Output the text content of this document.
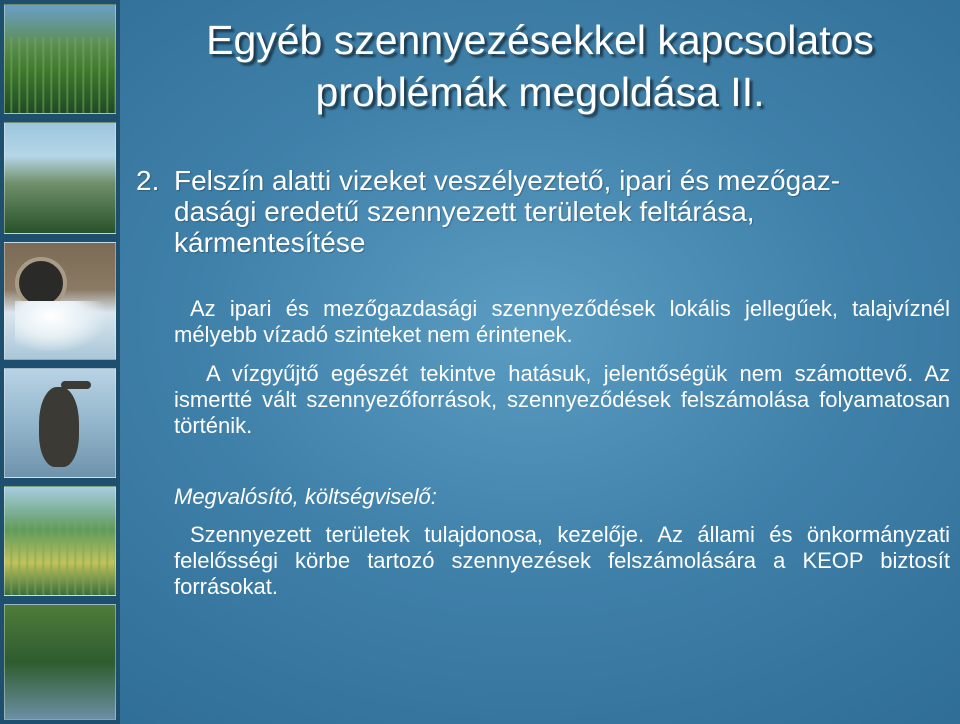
Egyéb szennyezésekkel kapcsolatos
problémák megoldása II.
2. Felszín alatti vizeket veszélyeztető, ipari és mezőgaz-
dasági eredetű szennyezett területek feltárása,
kármentesítése

Az ipari és mezőgazdasági szennyeződések lokális jellegűek, talajvíznél mélyebb vízadó szinteket nem érintenek.

A vízgyűjtő egészét tekintve hatásuk, jelentőségük nem számottevő. Az ismertté vált szennyezőforrások, szennyeződések felszámolása folyamatosan történik.

Megvalósító, költségviselő:

Szennyezett területek tulajdonosa, kezelője. Az állami és önkormányzati felelősségi körbe tartozó szennyezések felszámolására a KEOP biztosít forrásokat.
